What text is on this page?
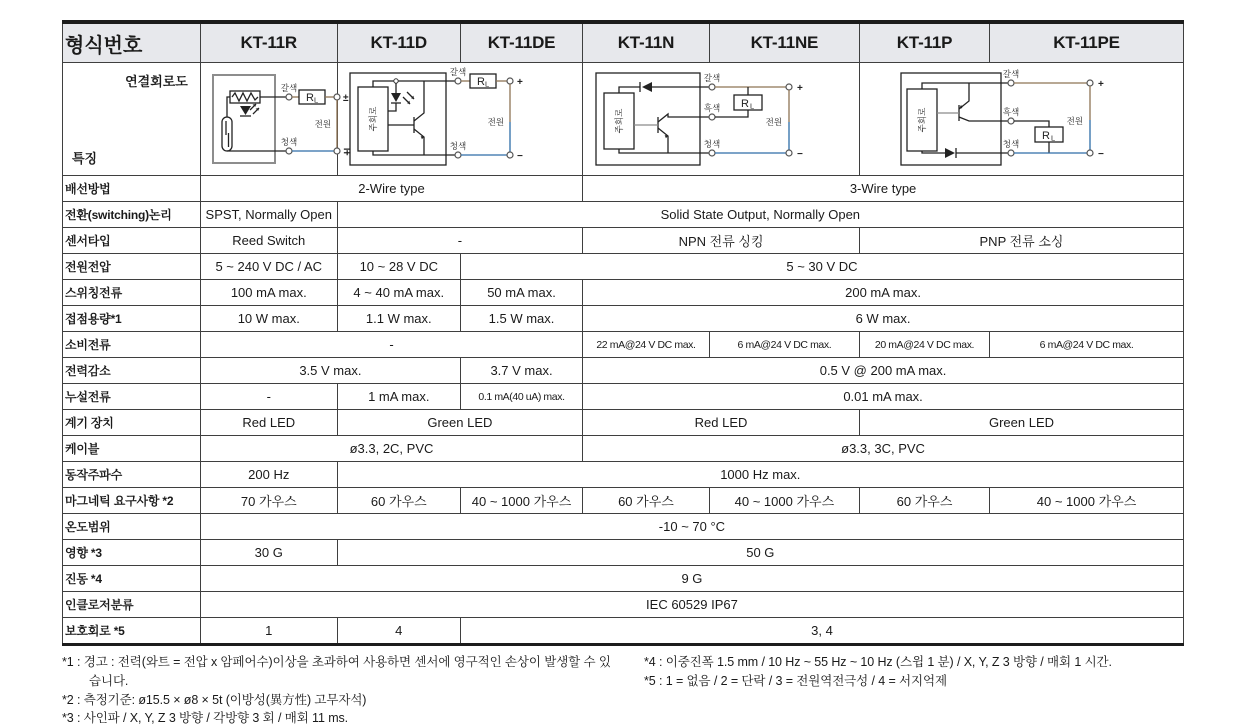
형식번호	KT-11R	KT-11D	KT-11DE	KT-11N	KT-11NE	KT-11P	KT-11PE

연결회로도
특징

갈색
R L ±
전원
청색
∓

주회로
갈색
R L	+
전원
청색
−

주회로
갈색
흑색 R L
+
전원
청색
−

주회로
갈색
흑색
R L
+
전원
청색
−

배선방법	2-Wire type			3-Wire type			
전환(switching)논리	SPST, Normally Open	Solid State Output, Normally Open					
센서타입	Reed Switch	-		NPN 전류 싱킹		PNP 전류 소싱	
전원전압	5 ~ 240 V DC / AC	10 ~ 28 V DC	5 ~ 30 V DC				
스위칭전류	100 mA max.	4 ~ 40 mA max.	50 mA max.	200 mA max.			
접점용량*1	10 W max.	1.1 W max.	1.5 W max.	6 W max.			
소비전류	-			22 mA@24 V DC max.	6 mA@24 V DC max.	20 mA@24 V DC max.	6 mA@24 V DC max.
전력감소	3.5 V max.		3.7 V max.	0.5 V @ 200 mA max.			
누설전류	-	1 mA max.	0.1 mA(40 uA) max.	0.01 mA max.			
계기 장치	Red LED	Green LED		Red LED		Green LED	
케이블	ø3.3, 2C, PVC			ø3.3, 3C, PVC			
동작주파수	200 Hz	1000 Hz max.					
마그네틱 요구사항 *2	70 가우스	60 가우스	40 ~ 1000 가우스	60 가우스	40 ~ 1000 가우스	60 가우스	40 ~ 1000 가우스
온도범위	-10 ~ 70 °C						
영향 *3	30 G	50 G					
진동 *4	9 G						
인클로저분류	IEC 60529 IP67						
보호회로 *5	1	4	3, 4				
*1 : 경고 : 전력(와트 = 전압 x 암페어수)이상을 초과하여 사용하면 센서에 영구적인 손상이 발생할 수 있습니다.
*2 : 측정기준: ø15.5 × ø8 × 5t (이방성(異方性) 고무자석)
*3 : 사인파 / X, Y, Z 3 방향 / 각방향 3 회 / 매회 11 ms.
*4 : 이중진폭 1.5 mm / 10 Hz ~ 55 Hz ~ 10 Hz (스윕 1 분) / X, Y, Z 3 방향 / 매회 1 시간.
*5 : 1 = 없음 / 2 = 단락 / 3 = 전원역전극성 / 4 = 서지억제
